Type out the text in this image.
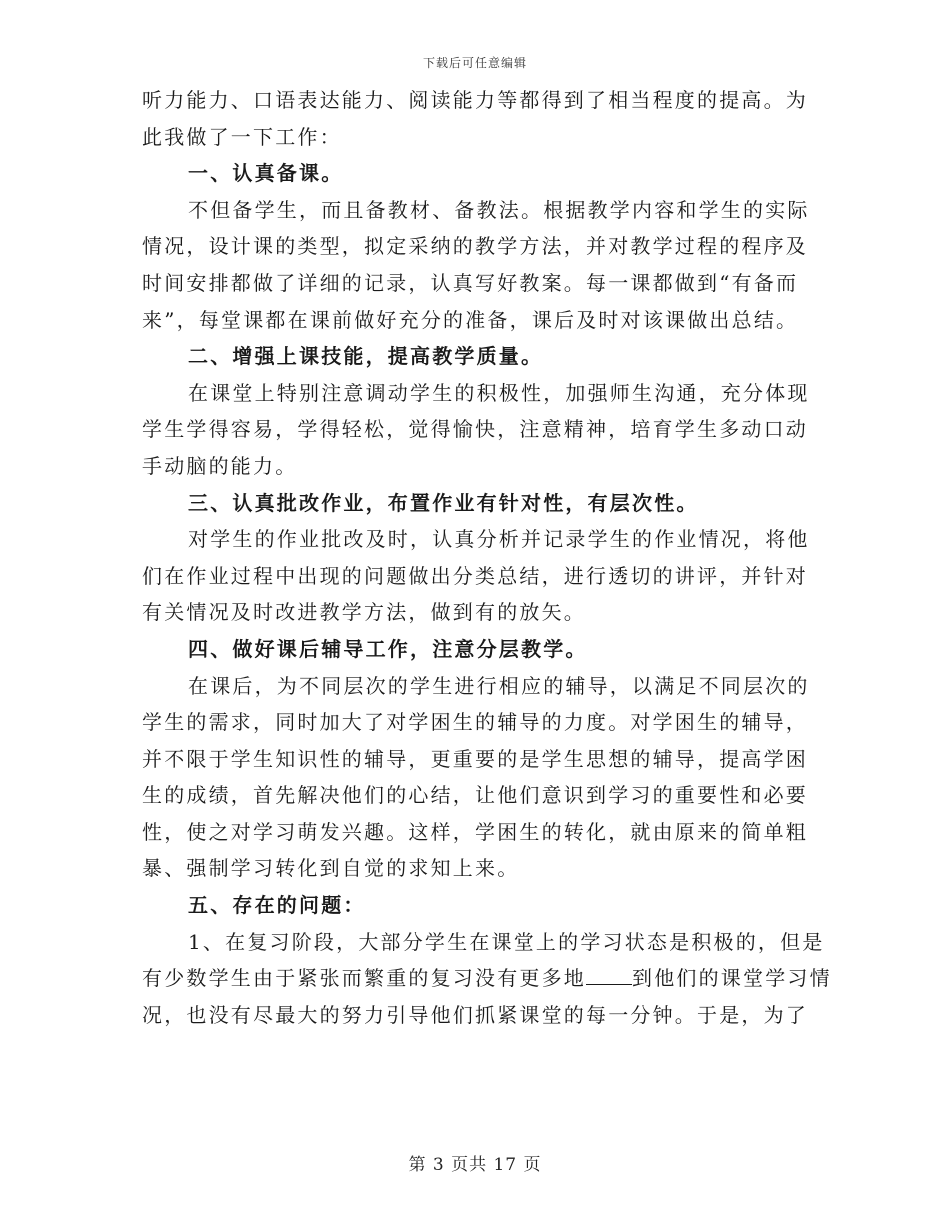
下载后可任意编辑
听力能力、口语表达能力、阅读能力等都得到了相当程度的提高。为
此我做了一下工作：
一、认真备课。
不但备学生，而且备教材、备教法。根据教学内容和学生的实际
情况，设计课的类型，拟定采纳的教学方法，并对教学过程的程序及
时间安排都做了详细的记录，认真写好教案。每一课都做到“有备而
来”，每堂课都在课前做好充分的准备，课后及时对该课做出总结。
二、增强上课技能，提高教学质量。
在课堂上特别注意调动学生的积极性，加强师生沟通，充分体现
学生学得容易，学得轻松，觉得愉快，注意精神，培育学生多动口动
手动脑的能力。
三、认真批改作业，布置作业有针对性，有层次性。
对学生的作业批改及时，认真分析并记录学生的作业情况，将他
们在作业过程中出现的问题做出分类总结，进行透切的讲评，并针对
有关情况及时改进教学方法，做到有的放矢。
四、做好课后辅导工作，注意分层教学。
在课后，为不同层次的学生进行相应的辅导，以满足不同层次的
学生的需求，同时加大了对学困生的辅导的力度。对学困生的辅导，
并不限于学生知识性的辅导，更重要的是学生思想的辅导，提高学困
生的成绩，首先解决他们的心结，让他们意识到学习的重要性和必要
性，使之对学习萌发兴趣。这样，学困生的转化，就由原来的简单粗
暴、强制学习转化到自觉的求知上来。
五、存在的问题：
1、在复习阶段，大部分学生在课堂上的学习状态是积极的，但是
有少数学生由于紧张而繁重的复习没有更多地 到他们的课堂学习情
况，也没有尽最大的努力引导他们抓紧课堂的每一分钟。于是，为了
第 3 页共 17 页
